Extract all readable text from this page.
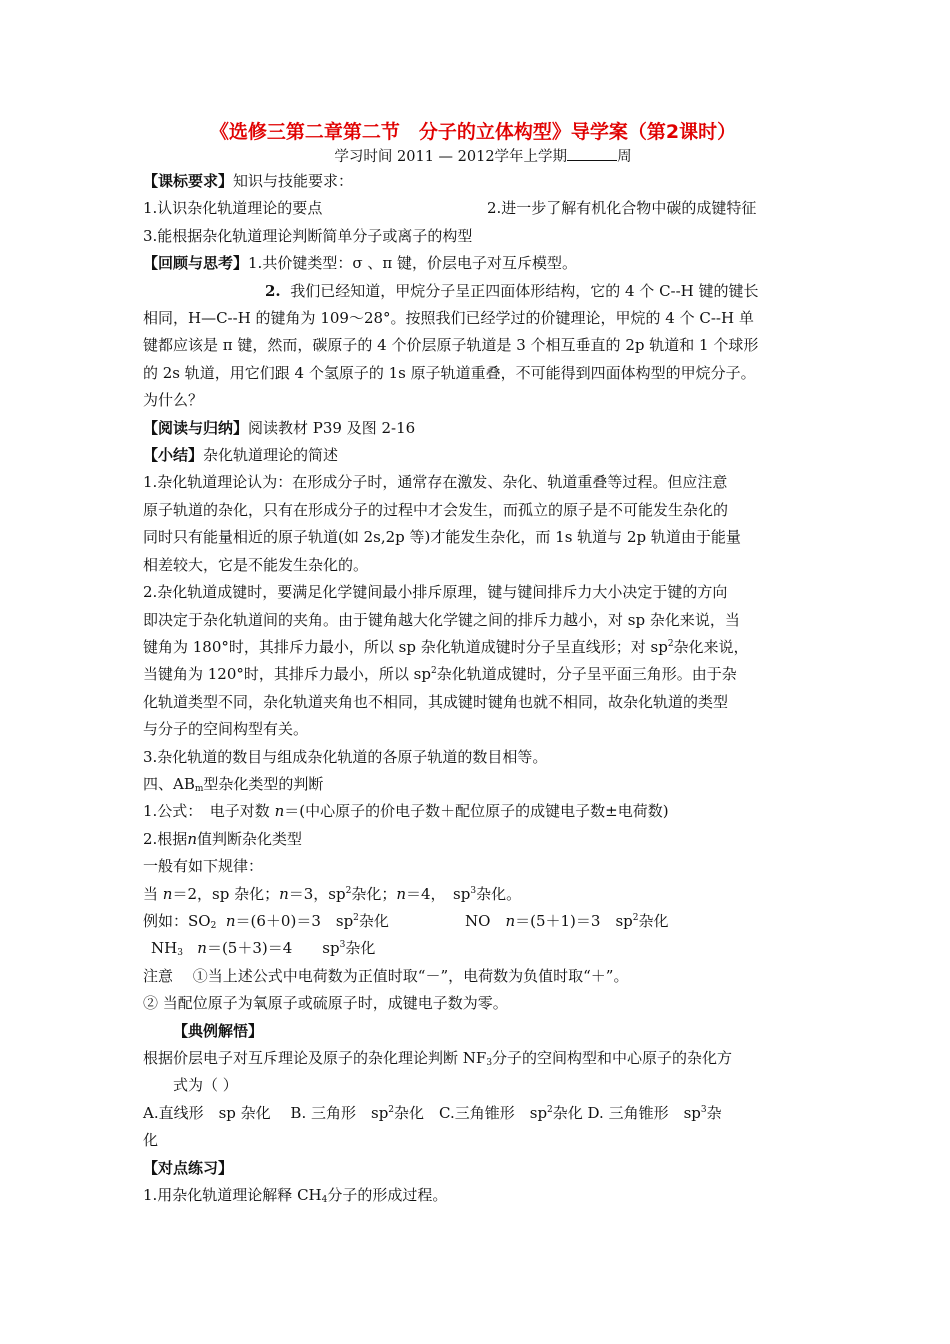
《选修三第二章第二节　分子的立体构型》导学案（第2课时）
学习时间 2011 — 2012学年上学期	周
【课标要求】知识与技能要求：
1.认识杂化轨道理论的要点	2.进一步了解有机化合物中碳的成键特征
3.能根据杂化轨道理论判断简单分子或离子的构型
【回顾与思考】1.共价键类型：σ 、π 键，价层电子对互斥模型。
2. 我们已经知道，甲烷分子呈正四面体形结构，它的 4 个 C--H 键的键长
相同，H—C--H 的键角为 109～28°。按照我们已经学过的价键理论，甲烷的 4 个 C--H 单
键都应该是 π 键，然而，碳原子的 4 个价层原子轨道是 3 个相互垂直的 2p 轨道和 1 个球形
的 2s 轨道，用它们跟 4 个氢原子的 1s 原子轨道重叠，不可能得到四面体构型的甲烷分子。
为什么？
【阅读与归纳】阅读教材 P39 及图 2-16
【小结】杂化轨道理论的简述
1.杂化轨道理论认为：在形成分子时，通常存在激发、杂化、轨道重叠等过程。但应注意
原子轨道的杂化，只有在形成分子的过程中才会发生，而孤立的原子是不可能发生杂化的
同时只有能量相近的原子轨道(如 2s,2p 等)才能发生杂化，而 1s 轨道与 2p 轨道由于能量
相差较大，它是不能发生杂化的。
2.杂化轨道成键时，要满足化学键间最小排斥原理，键与键间排斥力大小决定于键的方向
即决定于杂化轨道间的夹角。由于键角越大化学键之间的排斥力越小，对 sp 杂化来说，当
键角为 180°时，其排斥力最小，所以 sp 杂化轨道成键时分子呈直线形；对 $sp^2$杂化来说，
当键角为 120°时，其排斥力最小，所以 $sp^2$杂化轨道成键时，分子呈平面三角形。由于杂
化轨道类型不同，杂化轨道夹角也不相同，其成键时键角也就不相同，故杂化轨道的类型
与分子的空间构型有关。
3.杂化轨道的数目与组成杂化轨道的各原子轨道的数目相等。
四、$AB_m$型杂化类型的判断
1.公式：　电子对数 n＝(中心原子的价电子数＋配位原子的成键电子数±电荷数)
2.根据n值判断杂化类型
一般有如下规律：
当 n＝2，sp 杂化；n＝3，$sp^2$杂化；n＝4，　$sp^3$杂化。
例如：$SO_2$ n＝(6＋0)＝3　$sp^2$杂化	NO　n＝(5＋1)＝3　$sp^2$杂化
$NH_3$ n＝(5＋3)＝4　　$sp^3$杂化
注意　 ①当上述公式中电荷数为正值时取“－”，电荷数为负值时取“＋”。
② 当配位原子为氧原子或硫原子时，成键电子数为零。
【典例解悟】
根据价层电子对互斥理论及原子的杂化理论判断 $NF_3$分子的空间构型和中心原子的杂化方
式为（ ）
A.直线形　sp 杂化　 B. 三角形　$sp^2$杂化　C.三角锥形　$sp^2$杂化 D. 三角锥形　$sp^3$杂
化
【对点练习】
1.用杂化轨道理论解释 $CH_4$分子的形成过程。
